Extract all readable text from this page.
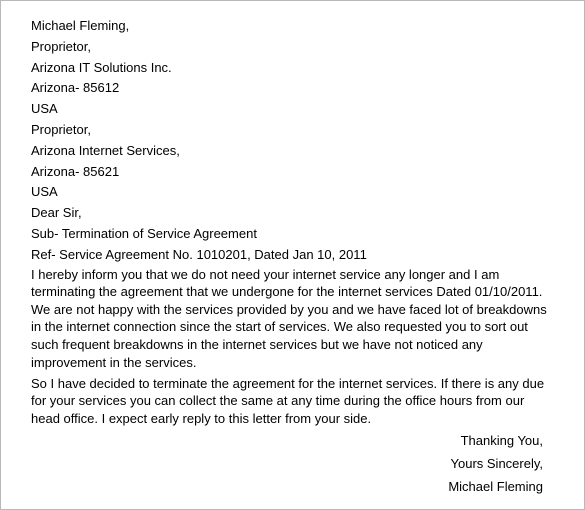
Michael Fleming,
Proprietor,
Arizona IT Solutions Inc.
Arizona- 85612
USA
Proprietor,
Arizona Internet Services,
Arizona- 85621
USA
Dear Sir,
Sub- Termination of Service Agreement
Ref- Service Agreement No. 1010201, Dated Jan 10, 2011
I hereby inform you that we do not need your internet service any longer and I am
terminating the agreement that we undergone for the internet services Dated 01/10/2011.
We are not happy with the services provided by you and we have faced lot of breakdowns
in the internet connection since the start of services. We also requested you to sort out
such frequent breakdowns in the internet services but we have not noticed any
improvement in the services.
So I have decided to terminate the agreement for the internet services. If there is any due
for your services you can collect the same at any time during the office hours from our
head office. I expect early reply to this letter from your side.
Thanking You,
Yours Sincerely,
Michael Fleming
